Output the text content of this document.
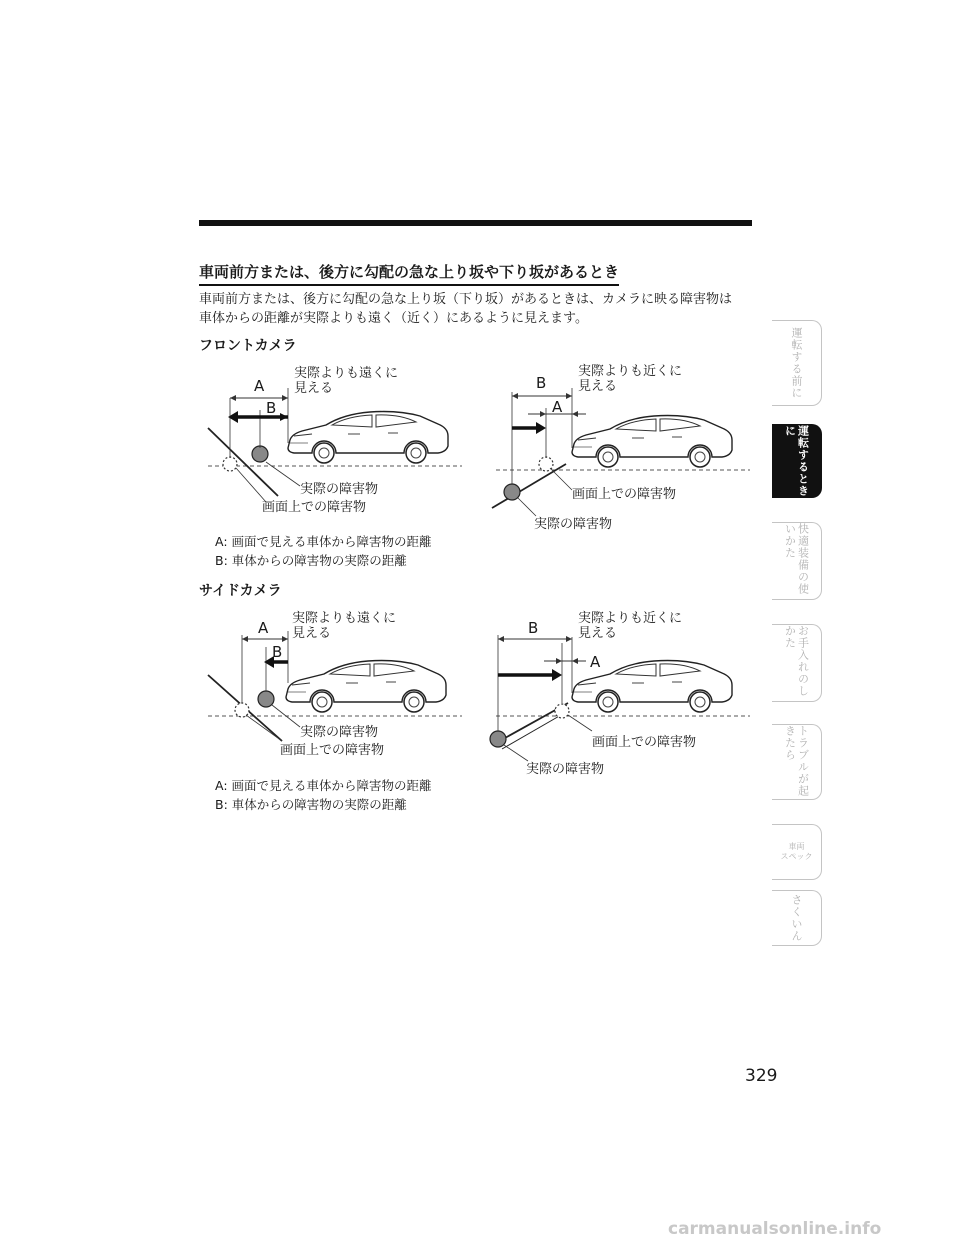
車両前方または、後方に勾配の急な上り坂や下り坂があるとき
車両前方または、後方に勾配の急な上り坂（下り坂）があるときは、カメラに映る障害物は
車体からの距離が実際よりも遠く（近く）にあるように見えます。
フロントカメラ
A
B
実際よりも遠くに
見える
実際の障害物
画面上での障害物
B
A
実際よりも近くに
見える
画面上での障害物
実際の障害物
A: 画面で見える車体から障害物の距離
B: 車体からの障害物の実際の距離
サイドカメラ
A
B
実際よりも遠くに
見える
実際の障害物
画面上での障害物
B
A
実際よりも近くに
見える
画面上での障害物
実際の障害物
A: 画面で見える車体から障害物の距離
B: 車体からの障害物の実際の距離
運転する前に
運転するときに
快適装備の使いかた
お手入れのしかた
トラブルが起きたら
車両
スペック
さくいん
329
carmanualsonline.info
